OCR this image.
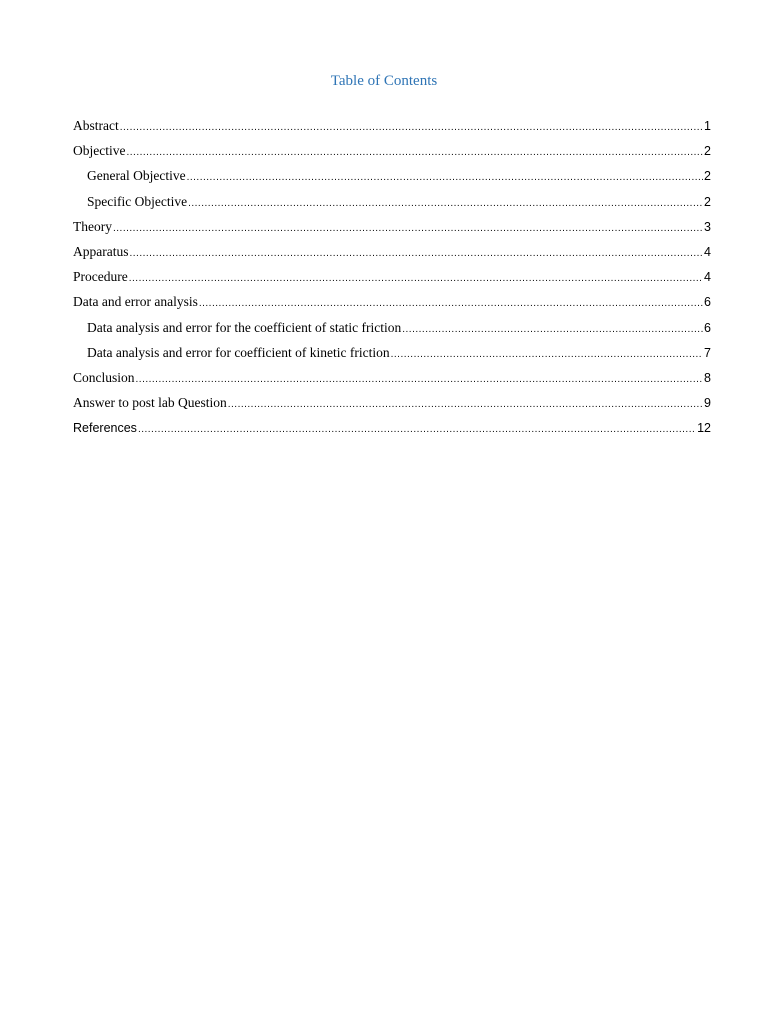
Table of Contents
Abstract .....	1
Objective .....	2
General Objective .....	2
Specific Objective .....	2
Theory .....	3
Apparatus .....	4
Procedure .....	4
Data and error analysis .....	6
Data analysis and error for the coefficient of static friction .....	6
Data analysis and error for coefficient of kinetic friction .....	7
Conclusion .....	8
Answer to post lab Question .....	9
References .....	12
